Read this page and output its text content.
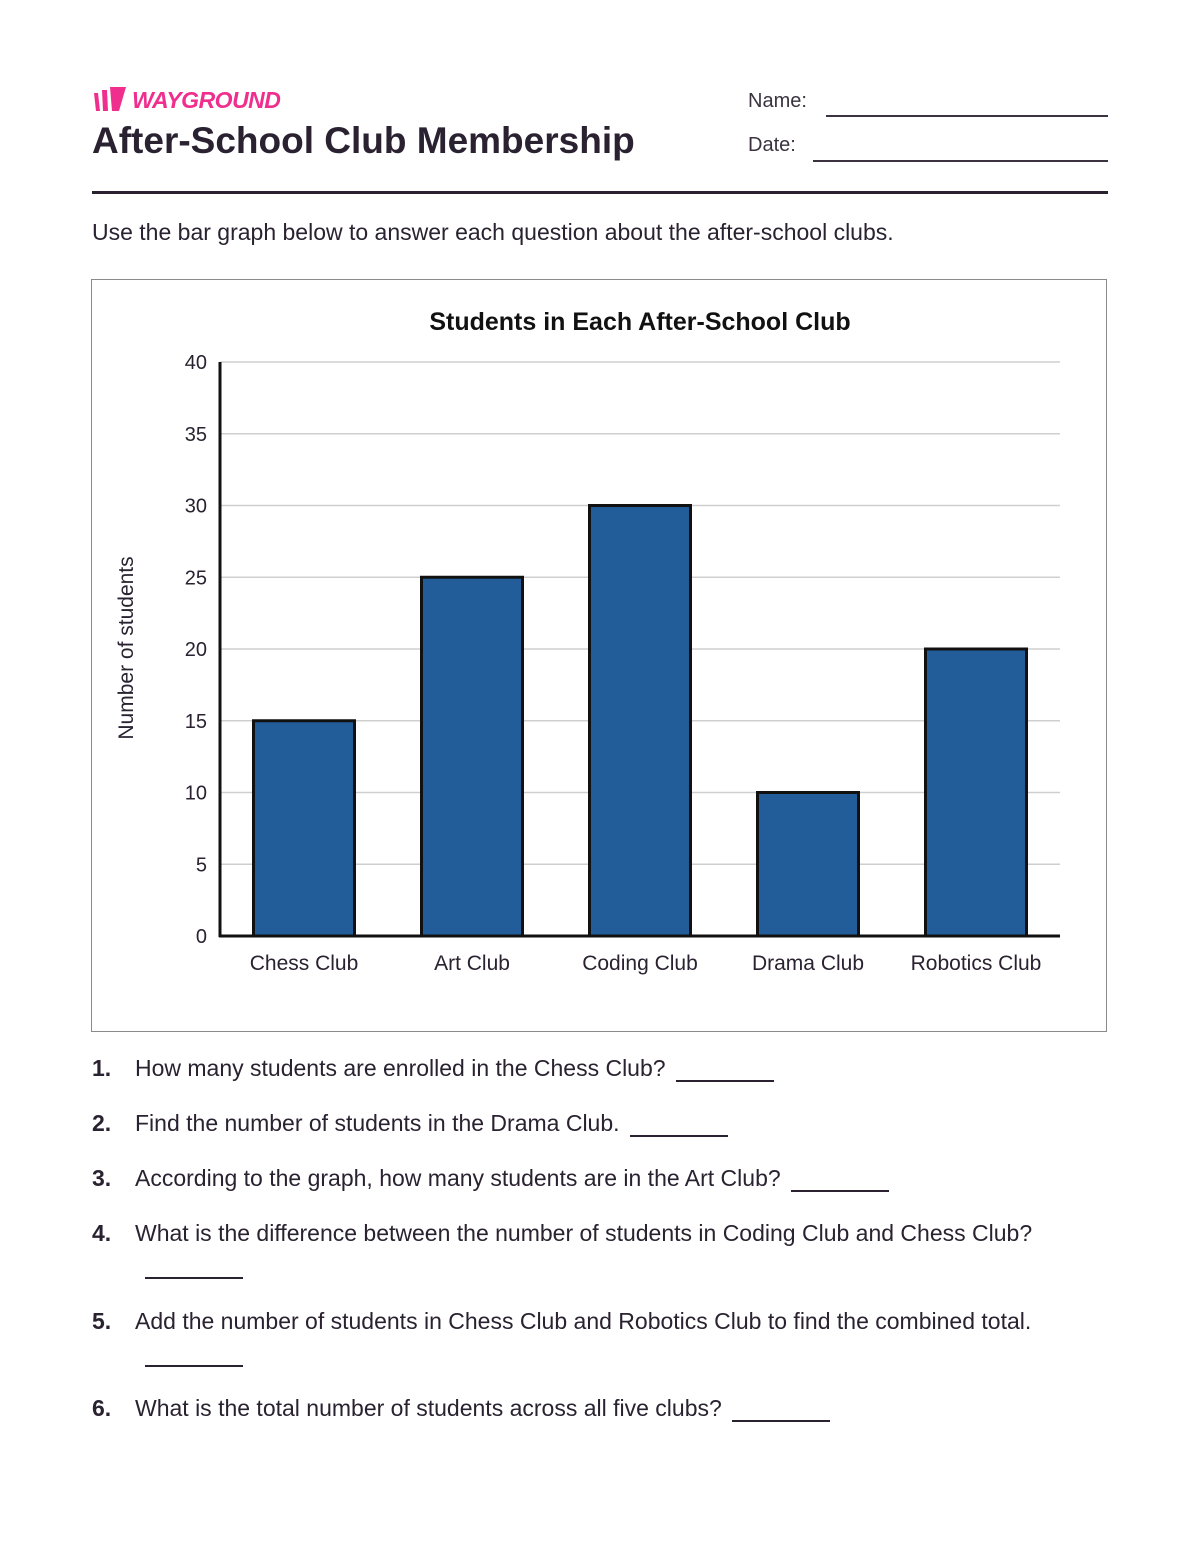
WAYGROUND
After-School Club Membership
Name:
Date:
Use the bar graph below to answer each question about the after-school clubs.
0
5
10
15
20
25
30
35
40
Chess Club	Art Club	Coding Club	Drama Club Robotics Club
Students in Each After-School Club
Number of students
1.	How many students are enrolled in the Chess Club?
2.	Find the number of students in the Drama Club.
3.	According to the graph, how many students are in the Art Club?
4.	What is the difference between the number of students in Coding Club and Chess Club?
5.	Add the number of students in Chess Club and Robotics Club to find the combined total.
6.	What is the total number of students across all five clubs?
